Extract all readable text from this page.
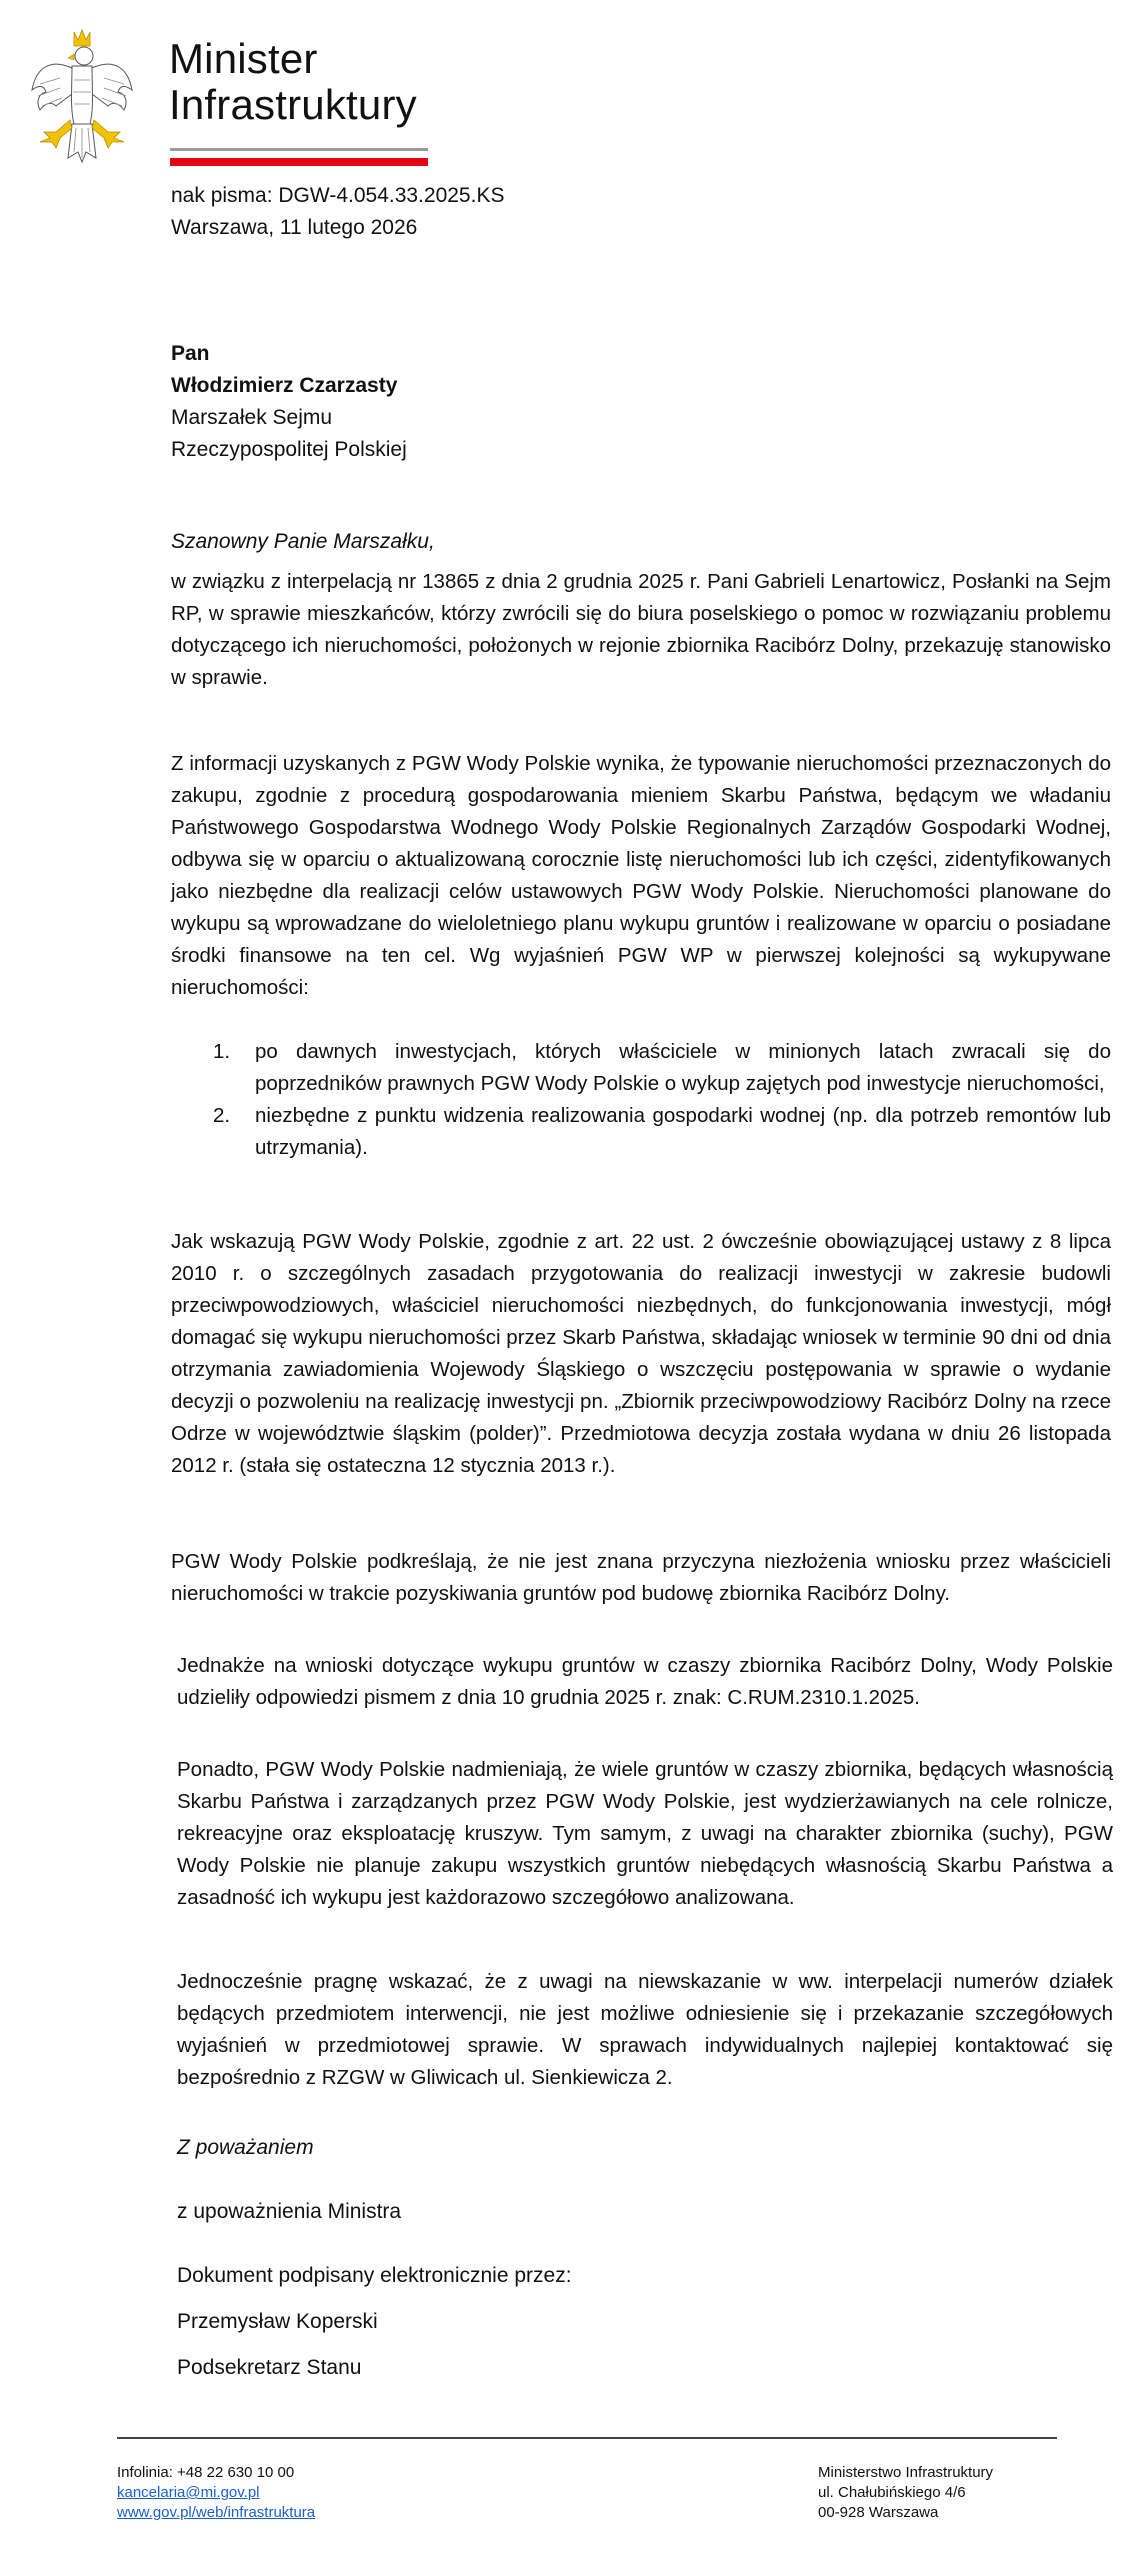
Minister
Infrastruktury
nak pisma: DGW-4.054.33.2025.KS
Warszawa, 11 lutego 2026
Pan
Włodzimierz Czarzasty
Marszałek Sejmu
Rzeczypospolitej Polskiej
Szanowny Panie Marszałku,
w związku z interpelacją nr 13865 z dnia 2 grudnia 2025 r. Pani Gabrieli Lenartowicz, Posłanki na Sejm RP, w sprawie mieszkańców, którzy zwrócili się do biura poselskiego o pomoc w rozwiązaniu problemu dotyczącego ich nieruchomości, położonych w rejonie zbiornika Racibórz Dolny, przekazuję stanowisko w sprawie.
Z informacji uzyskanych z PGW Wody Polskie wynika, że typowanie nieruchomości przeznaczonych do zakupu, zgodnie z procedurą gospodarowania mieniem Skarbu Państwa, będącym we władaniu Państwowego Gospodarstwa Wodnego Wody Polskie Regionalnych Zarządów Gospodarki Wodnej, odbywa się w oparciu o aktualizowaną corocznie listę nieruchomości lub ich części, zidentyfikowanych jako niezbędne dla realizacji celów ustawowych PGW Wody Polskie. Nieruchomości planowane do wykupu są wprowadzane do wieloletniego planu wykupu gruntów i realizowane w oparciu o posiadane środki finansowe na ten cel. Wg wyjaśnień PGW WP w pierwszej kolejności są wykupywane nieruchomości:
1. po dawnych inwestycjach, których właściciele w minionych latach zwracali się do poprzedników prawnych PGW Wody Polskie o wykup zajętych pod inwestycje nieruchomości,
2. niezbędne z punktu widzenia realizowania gospodarki wodnej (np. dla potrzeb remontów lub utrzymania).
Jak wskazują PGW Wody Polskie, zgodnie z art. 22 ust. 2 ówcześnie obowiązującej ustawy z 8 lipca 2010 r. o szczególnych zasadach przygotowania do realizacji inwestycji w zakresie budowli przeciwpowodziowych, właściciel nieruchomości niezbędnych, do funkcjonowania inwestycji, mógł domagać się wykupu nieruchomości przez Skarb Państwa, składając wniosek w terminie 90 dni od dnia otrzymania zawiadomienia Wojewody Śląskiego o wszczęciu postępowania w sprawie o wydanie decyzji o pozwoleniu na realizację inwestycji pn. „Zbiornik przeciwpowodziowy Racibórz Dolny na rzece Odrze w województwie śląskim (polder)”. Przedmiotowa decyzja została wydana w dniu 26 listopada 2012 r. (stała się ostateczna 12 stycznia 2013 r.).
PGW Wody Polskie podkreślają, że nie jest znana przyczyna niezłożenia wniosku przez właścicieli nieruchomości w trakcie pozyskiwania gruntów pod budowę zbiornika Racibórz Dolny.
Jednakże na wnioski dotyczące wykupu gruntów w czaszy zbiornika Racibórz Dolny, Wody Polskie udzieliły odpowiedzi pismem z dnia 10 grudnia 2025 r. znak: C.RUM.2310.1.2025.
Ponadto, PGW Wody Polskie nadmieniają, że wiele gruntów w czaszy zbiornika, będących własnością Skarbu Państwa i zarządzanych przez PGW Wody Polskie, jest wydzierżawianych na cele rolnicze, rekreacyjne oraz eksploatację kruszyw. Tym samym, z uwagi na charakter zbiornika (suchy), PGW Wody Polskie nie planuje zakupu wszystkich gruntów niebędących własnością Skarbu Państwa a zasadność ich wykupu jest każdorazowo szczegółowo analizowana.
Jednocześnie pragnę wskazać, że z uwagi na niewskazanie w ww. interpelacji numerów działek będących przedmiotem interwencji, nie jest możliwe odniesienie się i przekazanie szczegółowych wyjaśnień w przedmiotowej sprawie. W sprawach indywidualnych najlepiej kontaktować się bezpośrednio z RZGW w Gliwicach ul. Sienkiewicza 2.
Z poważaniem
z upoważnienia Ministra
Dokument podpisany elektronicznie przez:
Przemysław Koperski
Podsekretarz Stanu
Infolinia: +48 22 630 10 00
kancelaria@mi.gov.pl
www.gov.pl/web/infrastruktura
Ministerstwo Infrastruktury
ul. Chałubińskiego 4/6
00-928 Warszawa
